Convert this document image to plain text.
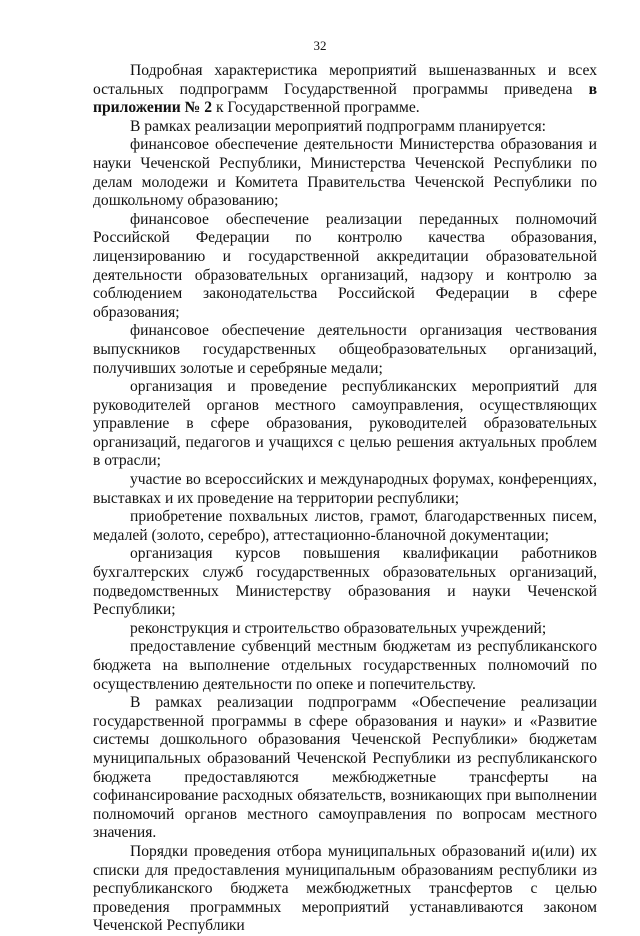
32

Подробная характеристика мероприятий вышеназванных и всех остальных подпрограмм Государственной программы приведена в приложении № 2 к Государственной программе.

В рамках реализации мероприятий подпрограмм планируется:

финансовое обеспечение деятельности Министерства образования и науки Чеченской Республики, Министерства Чеченской Республики по делам молодежи и Комитета Правительства Чеченской Республики по дошкольному образованию;

финансовое обеспечение реализации переданных полномочий Российской Федерации по контролю качества образования, лицензированию и государственной аккредитации образовательной деятельности образовательных организаций, надзору и контролю за соблюдением законодательства Российской Федерации в сфере образования;

финансовое обеспечение деятельности организация чествования выпускников государственных общеобразовательных организаций, получивших золотые и серебряные медали;

организация и проведение республиканских мероприятий для руководителей органов местного самоуправления, осуществляющих управление в сфере образования, руководителей образовательных организаций, педагогов и учащихся с целью решения актуальных проблем в отрасли;

участие во всероссийских и международных форумах, конференциях, выставках и их проведение на территории республики;

приобретение похвальных листов, грамот, благодарственных писем, медалей (золото, серебро), аттестационно-бланочной документации;

организация курсов повышения квалификации работников бухгалтерских служб государственных образовательных организаций, подведомственных Министерству образования и науки Чеченской Республики;

реконструкция и строительство образовательных учреждений;

предоставление субвенций местным бюджетам из республиканского бюджета на выполнение отдельных государственных полномочий по осуществлению деятельности по опеке и попечительству.

В рамках реализации подпрограмм «Обеспечение реализации государственной программы в сфере образования и науки» и «Развитие системы дошкольного образования Чеченской Республики» бюджетам муниципальных образований Чеченской Республики из республиканского бюджета предоставляются межбюджетные трансферты на софинансирование расходных обязательств, возникающих при выполнении полномочий органов местного самоуправления по вопросам местного значения.

Порядки проведения отбора муниципальных образований и(или) их списки для предоставления муниципальным образованиям республики из республиканского бюджета межбюджетных трансфертов с целью проведения программных мероприятий устанавливаются законом Чеченской Республики
